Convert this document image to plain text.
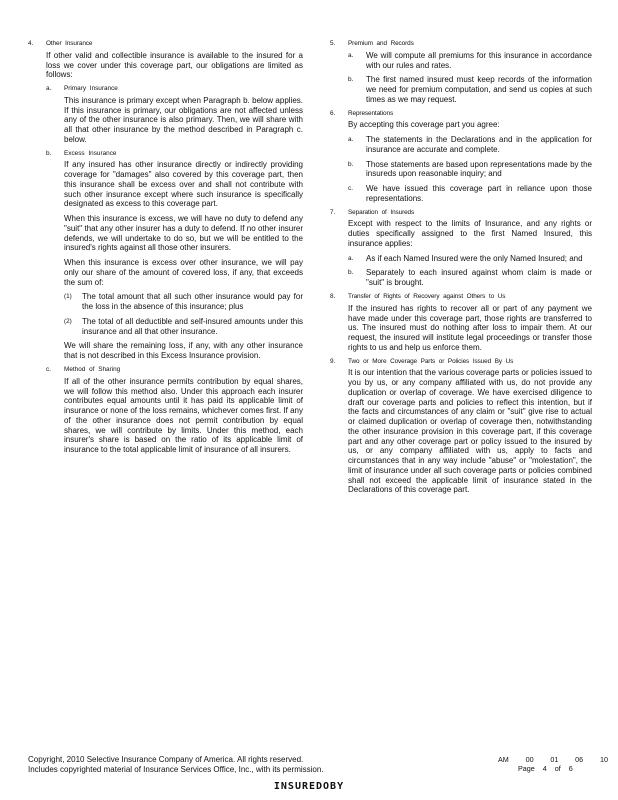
4. Other Insurance

If other valid and collectible insurance is available to the insured for a loss we cover under this coverage part, our obligations are limited as follows:

a. Primary Insurance

This insurance is primary except when Paragraph b. below applies. If this insurance is primary, our obligations are not affected unless any of the other insurance is also primary. Then, we will share with all that other insurance by the method described in Paragraph c. below.

b. Excess Insurance

If any insured has other insurance directly or indirectly providing coverage for "damages" also covered by this coverage part, then this insurance shall be excess over and shall not contribute with such other insurance except where such insurance is specifically designated as excess to this coverage part.

When this insurance is excess, we will have no duty to defend any "suit" that any other insurer has a duty to defend. If no other insurer defends, we will undertake to do so, but we will be entitled to the insured's rights against all those other insurers.

When this insurance is excess over other insurance, we will pay only our share of the amount of covered loss, if any, that exceeds the sum of:

(1)	The total amount that all such other insurance would pay for the loss in the absence of this insurance; plus
(2)	The total of all deductible and self-insured amounts under this insurance and all that other insurance.

We will share the remaining loss, if any, with any other insurance that is not described in this Excess Insurance provision.

c. Method of Sharing

If all of the other insurance permits contribution by equal shares, we will follow this method also. Under this approach each insurer contributes equal amounts until it has paid its applicable limit of insurance or none of the loss remains, whichever comes first. If any of the other insurance does not permit contribution by equal shares, we will contribute by limits. Under this method, each insurer's share is based on the ratio of its applicable limit of insurance to the total applicable limit of insurance of all insurers.

5. Premium and Records
a.	We will compute all premiums for this insurance in accordance with our rules and rates.
b.	The first named insured must keep records of the information we need for premium computation, and send us copies at such times as we may request.
6. Representations

By accepting this coverage part you agree:

a.	The statements in the Declarations and in the application for insurance are accurate and complete.
b.	Those statements are based upon representations made by the insureds upon reasonable inquiry; and
c.	We have issued this coverage part in reliance upon those representations.
7. Separation of Insureds

Except with respect to the limits of Insurance, and any rights or duties specifically assigned to the first Named Insured, this insurance applies:

a.	As if each Named Insured were the only Named Insured; and
b.	Separately to each insured against whom claim is made or "suit" is brought.
8. Transfer of Rights of Recovery against Others to Us

If the insured has rights to recover all or part of any payment we have made under this coverage part, those rights are transferred to us. The insured must do nothing after loss to impair them. At our request, the insured will institute legal proceedings or transfer those rights to us and help us enforce them.

9. Two or More Coverage Parts or Policies Issued By Us

It is our intention that the various coverage parts or policies issued to you by us, or any company affiliated with us, do not provide any duplication or overlap of coverage. We have exercised diligence to draft our coverage parts and policies to reflect this intention, but if the facts and circumstances of any claim or "suit" give rise to actual or claimed duplication or overlap of coverage then, notwithstanding the other insurance provision in this coverage part, if this coverage part and any other coverage part or policy issued to the insured by us, or any company affiliated with us, apply to facts and circumstances that in any way include "abuse" or "molestation", the limit of insurance under all such coverage parts or policies combined shall not exceed the applicable limit of insurance stated in the Declarations of this coverage part.

Copyright, 2010 Selective Insurance Company of America. All rights reserved.
Includes copyrighted material of Insurance Services Office, Inc., with its permission.
AM 00 01 06 10
Page 4 of 6
INSUREDOBY
